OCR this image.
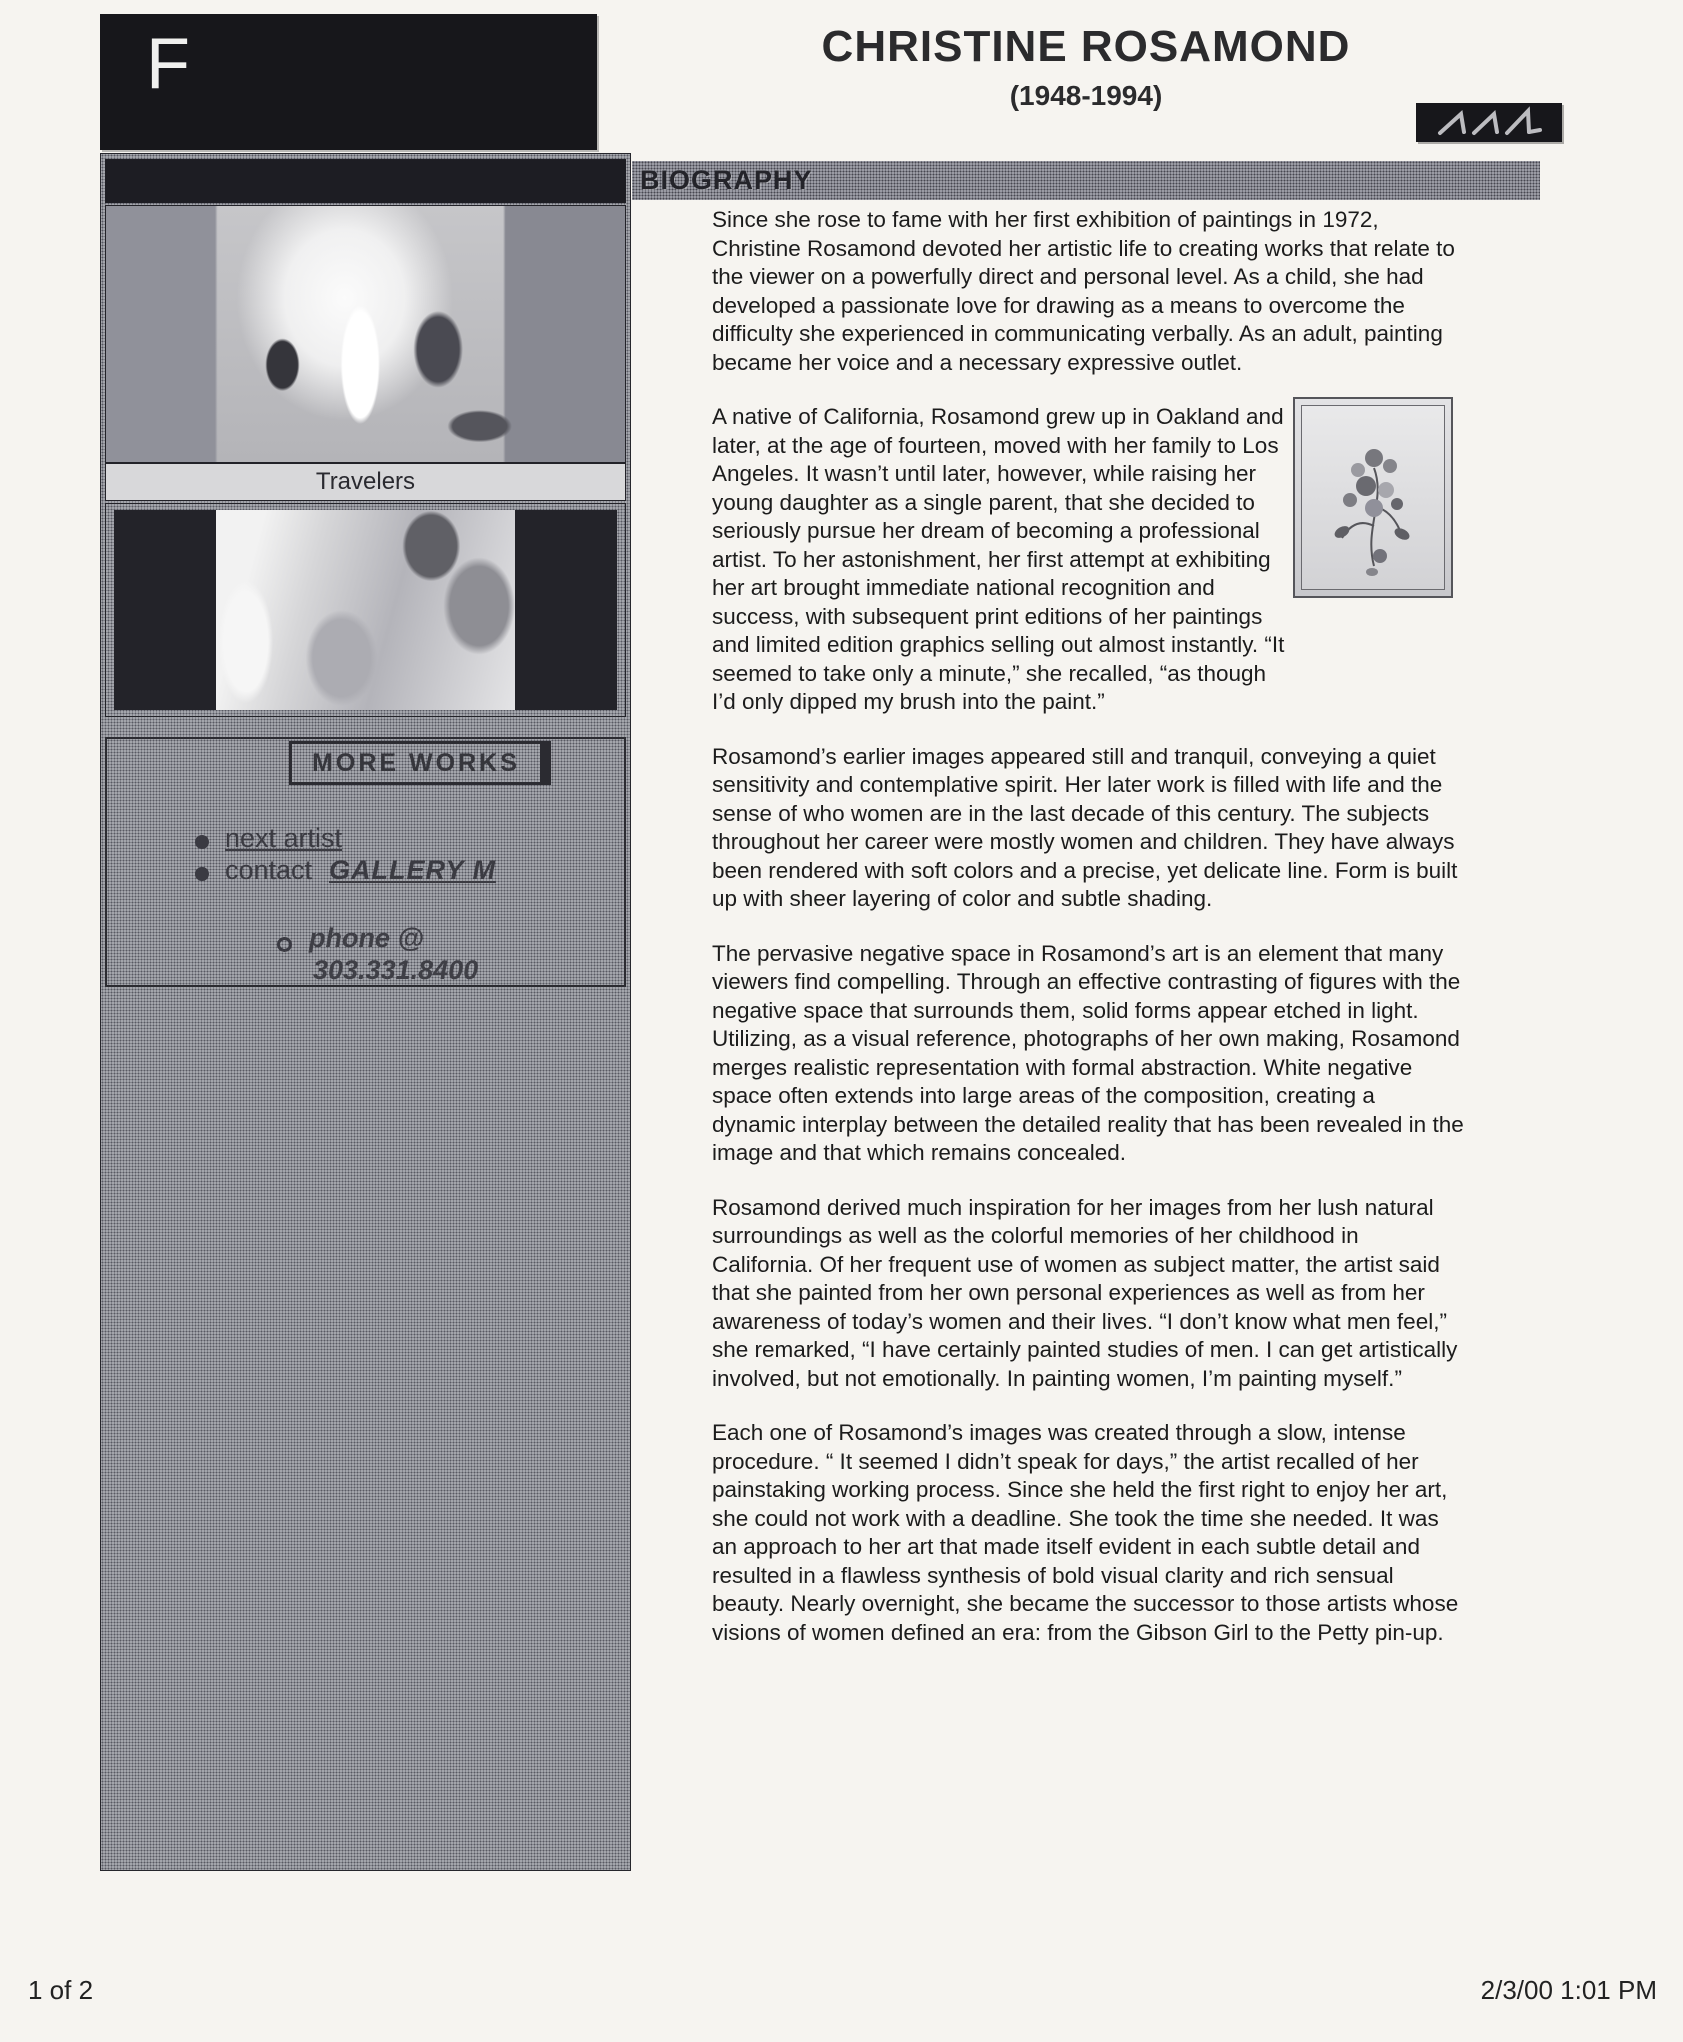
F
Travelers
MORE WORKS
next artist
contact GALLERY M
phone @
303.331.8400
CHRISTINE ROSAMOND
(1948-1994)
BIOGRAPHY

Since she rose to fame with her first exhibition of paintings in 1972, Christine Rosamond devoted her artistic life to creating works that relate to the viewer on a powerfully direct and personal level. As a child, she had developed a passionate love for drawing as a means to overcome the difficulty she experienced in communicating verbally. As an adult, painting became her voice and a necessary expressive outlet.

A native of California, Rosamond grew up in Oakland and later, at the age of fourteen, moved with her family to Los Angeles. It wasn’t until later, however, while raising her young daughter as a single parent, that she decided to seriously pursue her dream of becoming a professional artist. To her astonishment, her first attempt at exhibiting her art brought immediate national recognition and success, with subsequent print editions of her paintings and limited edition graphics selling out almost instantly. “It seemed to take only a minute,” she recalled, “as though I’d only dipped my brush into the paint.”

Rosamond’s earlier images appeared still and tranquil, conveying a quiet sensitivity and contemplative spirit. Her later work is filled with life and the sense of who women are in the last decade of this century. The subjects throughout her career were mostly women and children. They have always been rendered with soft colors and a precise, yet delicate line. Form is built up with sheer layering of color and subtle shading.

The pervasive negative space in Rosamond’s art is an element that many viewers find compelling. Through an effective contrasting of figures with the negative space that surrounds them, solid forms appear etched in light. Utilizing, as a visual reference, photographs of her own making, Rosamond merges realistic representation with formal abstraction. White negative space often extends into large areas of the composition, creating a dynamic interplay between the detailed reality that has been revealed in the image and that which remains concealed.

Rosamond derived much inspiration for her images from her lush natural surroundings as well as the colorful memories of her childhood in California. Of her frequent use of women as subject matter, the artist said that she painted from her own personal experiences as well as from her awareness of today’s women and their lives. “I don’t know what men feel,” she remarked, “I have certainly painted studies of men. I can get artistically involved, but not emotionally. In painting women, I’m painting myself.”

Each one of Rosamond’s images was created through a slow, intense procedure. “ It seemed I didn’t speak for days,” the artist recalled of her painstaking working process. Since she held the first right to enjoy her art, she could not work with a deadline. She took the time she needed. It was an approach to her art that made itself evident in each subtle detail and resulted in a flawless synthesis of bold visual clarity and rich sensual beauty. Nearly overnight, she became the successor to those artists whose visions of women defined an era: from the Gibson Girl to the Petty pin-up.

1 of 2	2/3/00 1:01 PM
